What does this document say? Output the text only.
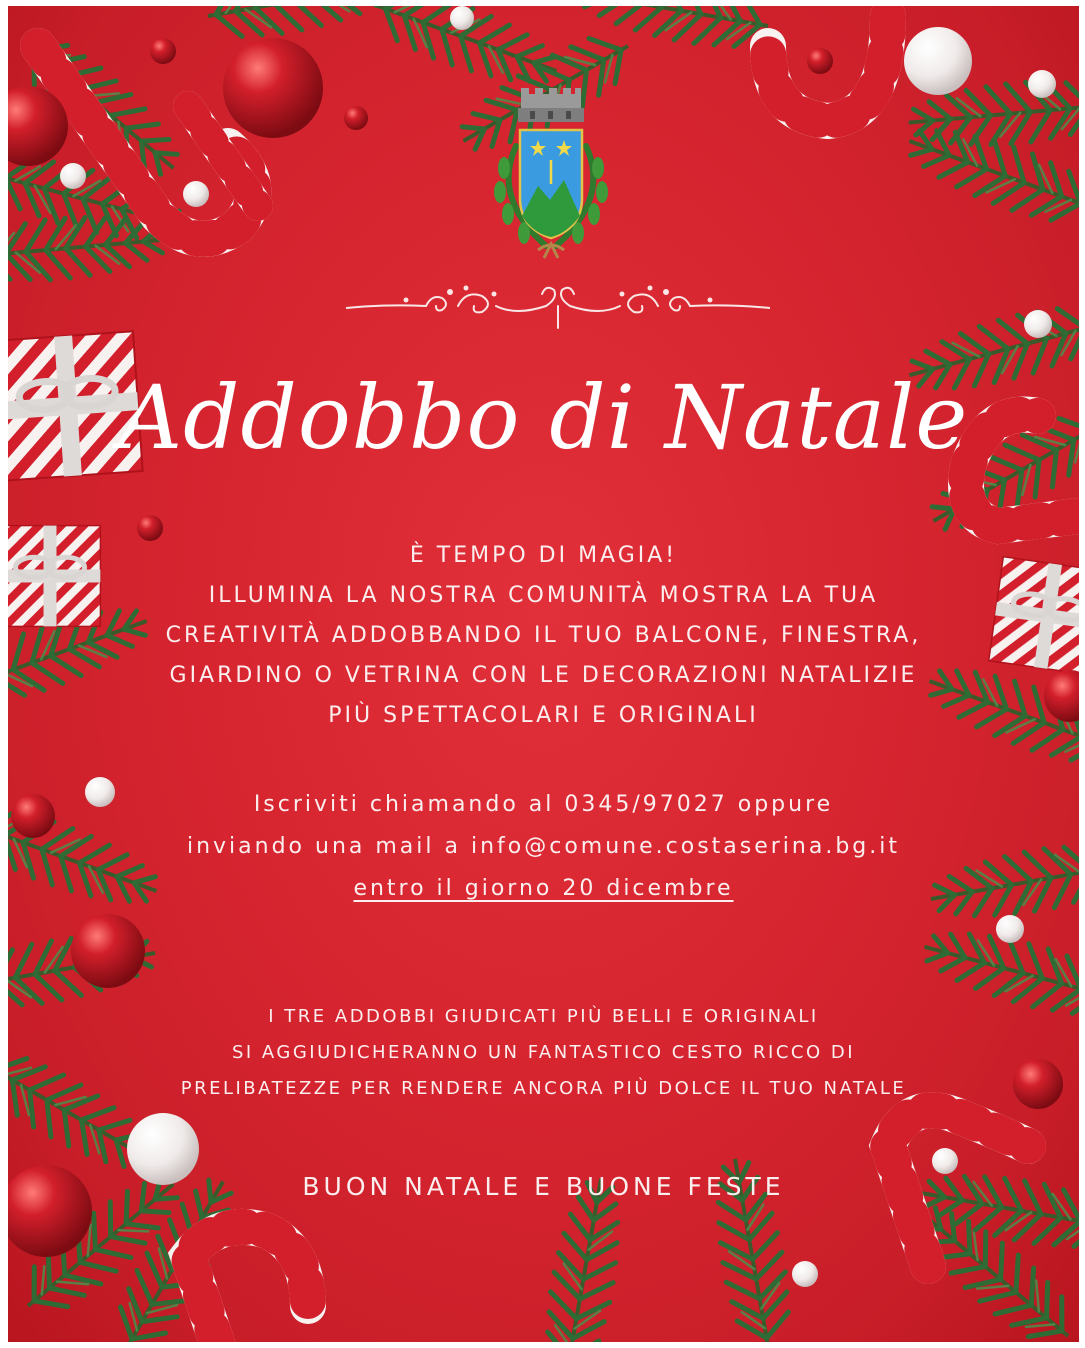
Addobbo di Natale
È TEMPO DI MAGIA!
ILLUMINA LA NOSTRA COMUNITÀ MOSTRA LA TUA
CREATIVITÀ ADDOBBANDO IL TUO BALCONE, FINESTRA,
GIARDINO O VETRINA CON LE DECORAZIONI NATALIZIE
PIÙ SPETTACOLARI E ORIGINALI
Iscriviti chiamando al 0345/97027 oppure
inviando una mail a info@comune.costaserina.bg.it
entro il giorno 20 dicembre
I TRE ADDOBBI GIUDICATI PIÙ BELLI E ORIGINALI
SI AGGIUDICHERANNO UN FANTASTICO CESTO RICCO DI
PRELIBATEZZE PER RENDERE ANCORA PIÙ DOLCE IL TUO NATALE
BUON NATALE E BUONE FESTE
